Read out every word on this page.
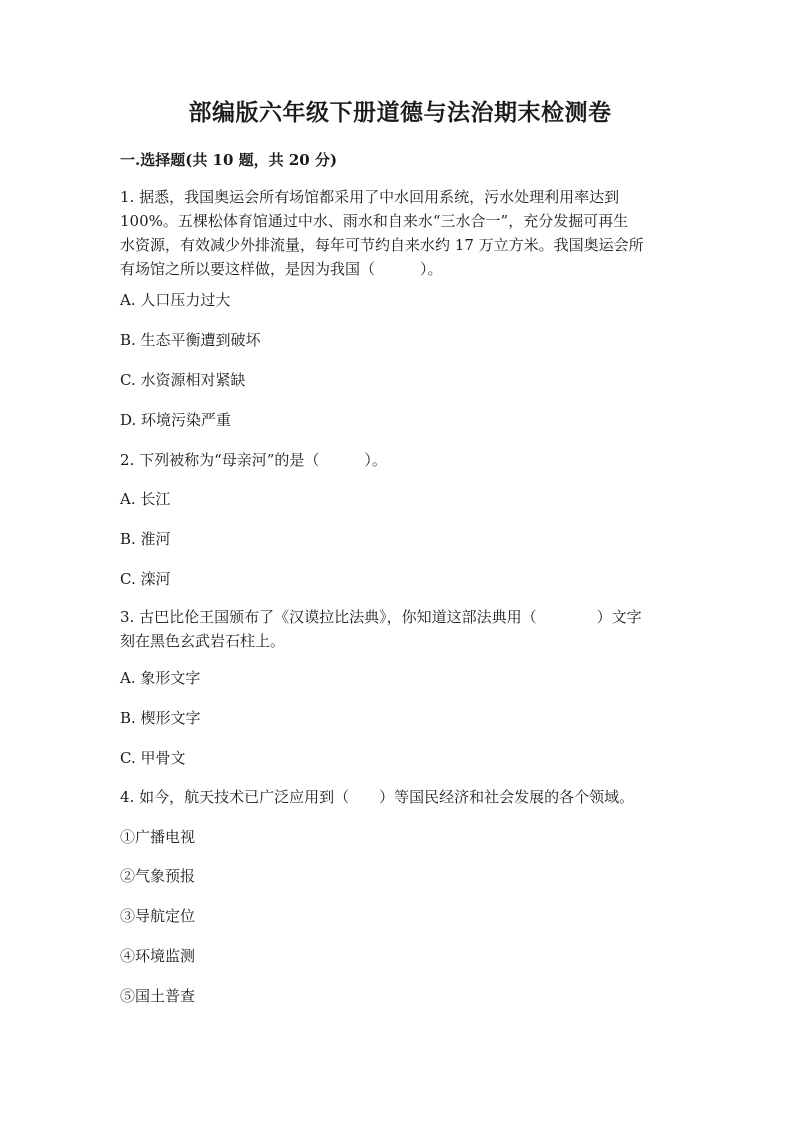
部编版六年级下册道德与法治期末检测卷
一.选择题(共 10 题，共 20 分)
1. 据悉，我国奥运会所有场馆都采用了中水回用系统，污水处理利用率达到
100%。五棵松体育馆通过中水、雨水和自来水“三水合一”，充分发掘可再生
水资源，有效减少外排流量，每年可节约自来水约 17 万立方米。我国奥运会所
有场馆之所以要这样做，是因为我国（　　　）。
A. 人口压力过大
B. 生态平衡遭到破坏
C. 水资源相对紧缺
D. 环境污染严重
2. 下列被称为“母亲河”的是（　　　）。
A. 长江
B. 淮河
C. 滦河
3. 古巴比伦王国颁布了《汉谟拉比法典》，你知道这部法典用（　　　　）文字
刻在黑色玄武岩石柱上。
A. 象形文字
B. 楔形文字
C. 甲骨文
4. 如今，航天技术已广泛应用到（　　）等国民经济和社会发展的各个领域。
①广播电视
②气象预报
③导航定位
④环境监测
⑤国土普查
